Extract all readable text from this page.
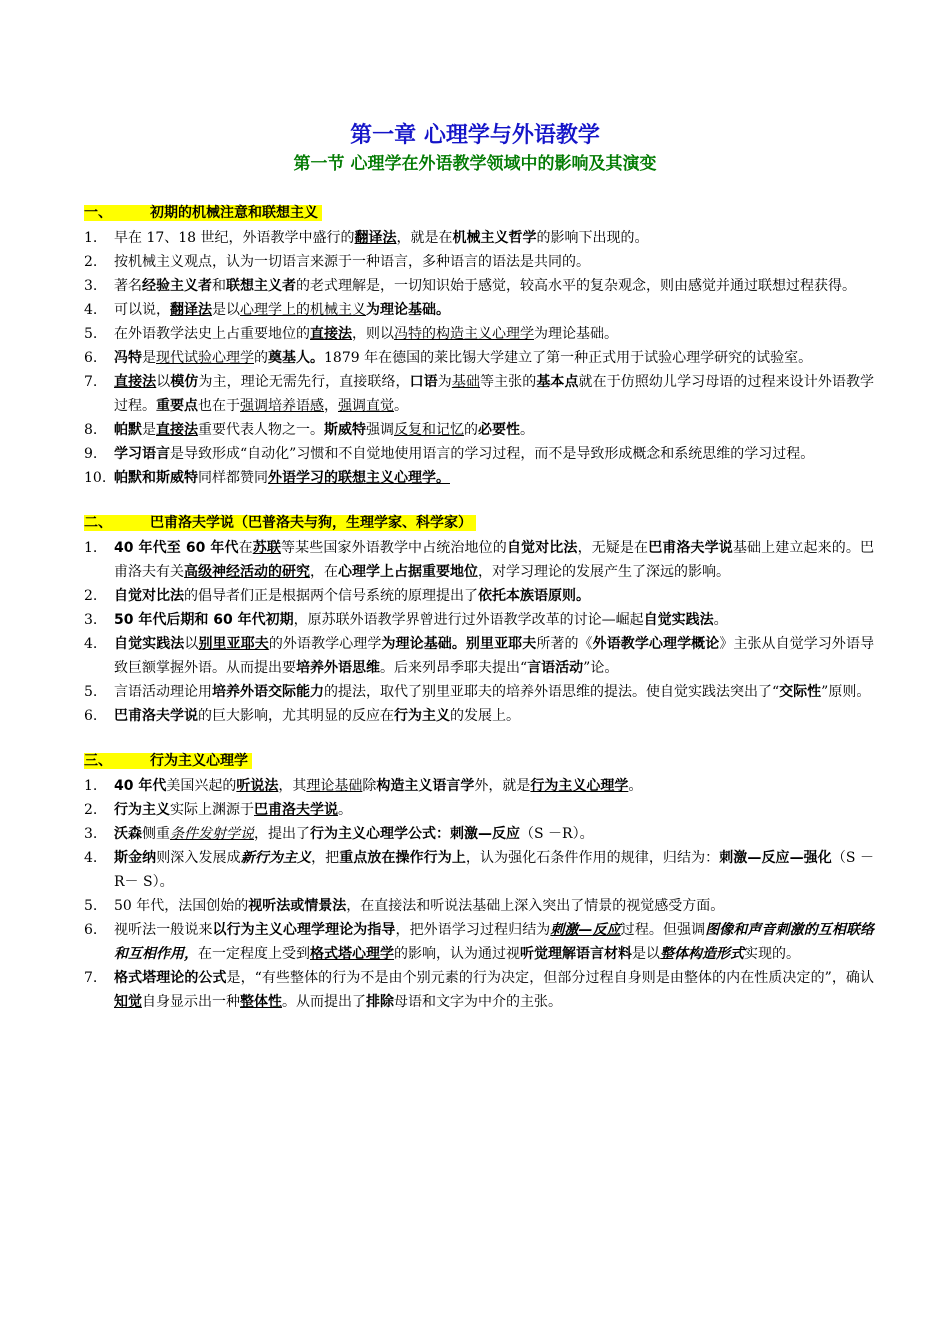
第一章 心理学与外语教学
第一节 心理学在外语教学领域中的影响及其演变
一、	初期的机械注意和联想主义
1.	早在 17、18 世纪，外语教学中盛行的翻译法，就是在机械主义哲学的影响下出现的。
2.	按机械主义观点，认为一切语言来源于一种语言，多种语言的语法是共同的。
3.	著名经验主义者和联想主义者的老式理解是，一切知识始于感觉，较高水平的复杂观念，则由感觉并通过联想过程获得。
4.	可以说，翻译法是以心理学上的机械主义为理论基础。
5.	在外语教学法史上占重要地位的直接法，则以冯特的构造主义心理学为理论基础。
6.	冯特是现代试验心理学的奠基人。1879 年在德国的莱比锡大学建立了第一种正式用于试验心理学研究的试验室。
7.	直接法以模仿为主，理论无需先行，直接联络，口语为基础等主张的基本点就在于仿照幼儿学习母语的过程来设计外语教学过程。重要点也在于强调培养语感，强调直觉。
8.	帕默是直接法重要代表人物之一。斯威特强调反复和记忆的必要性。
9.	学习语言是导致形成“自动化”习惯和不自觉地使用语言的学习过程，而不是导致形成概念和系统思维的学习过程。
10. 帕默和斯威特同样都赞同外语学习的联想主义心理学。
二、	巴甫洛夫学说（巴普洛夫与狗，生理学家、科学家）
1.	40 年代至 60 年代在苏联等某些国家外语教学中占统治地位的自觉对比法，无疑是在巴甫洛夫学说基础上建立起来的。巴甫洛夫有关高级神经活动的研究，在心理学上占据重要地位，对学习理论的发展产生了深远的影响。
2.	自觉对比法的倡导者们正是根据两个信号系统的原理提出了依托本族语原则。
3.	50 年代后期和 60 年代初期，原苏联外语教学界曾进行过外语教学改革的讨论—崛起自觉实践法。
4.	自觉实践法以别里亚耶夫的外语教学心理学为理论基础。别里亚耶夫所著的《外语教学心理学概论》主张从自觉学习外语导致巨额掌握外语。从而提出要培养外语思维。后来列昂季耶夫提出“言语活动”论。
5.	言语活动理论用培养外语交际能力的提法，取代了别里亚耶夫的培养外语思维的提法。使自觉实践法突出了“交际性”原则。
6.	巴甫洛夫学说的巨大影响，尤其明显的反应在行为主义的发展上。
三、	行为主义心理学
1.	40 年代美国兴起的听说法，其理论基础除构造主义语言学外，就是行为主义心理学。
2.	行为主义实际上渊源于巴甫洛夫学说。
3.	沃森侧重条件发射学说，提出了行为主义心理学公式：刺激—反应（S －R）。
4.	斯金纳则深入发展成新行为主义，把重点放在操作行为上，认为强化石条件作用的规律，归结为：刺激—反应—强化（S －R－ S）。
5.	50 年代，法国创始的视听法或情景法，在直接法和听说法基础上深入突出了情景的视觉感受方面。
6.	视听法一般说来以行为主义心理学理论为指导，把外语学习过程归结为刺激—反应过程。但强调图像和声音刺激的互相联络和互相作用，在一定程度上受到格式塔心理学的影响，认为通过视听觉理解语言材料是以整体构造形式实现的。
7.	格式塔理论的公式是，“有些整体的行为不是由个别元素的行为决定，但部分过程自身则是由整体的内在性质决定的”，确认知觉自身显示出一种整体性。从而提出了排除母语和文字为中介的主张。
